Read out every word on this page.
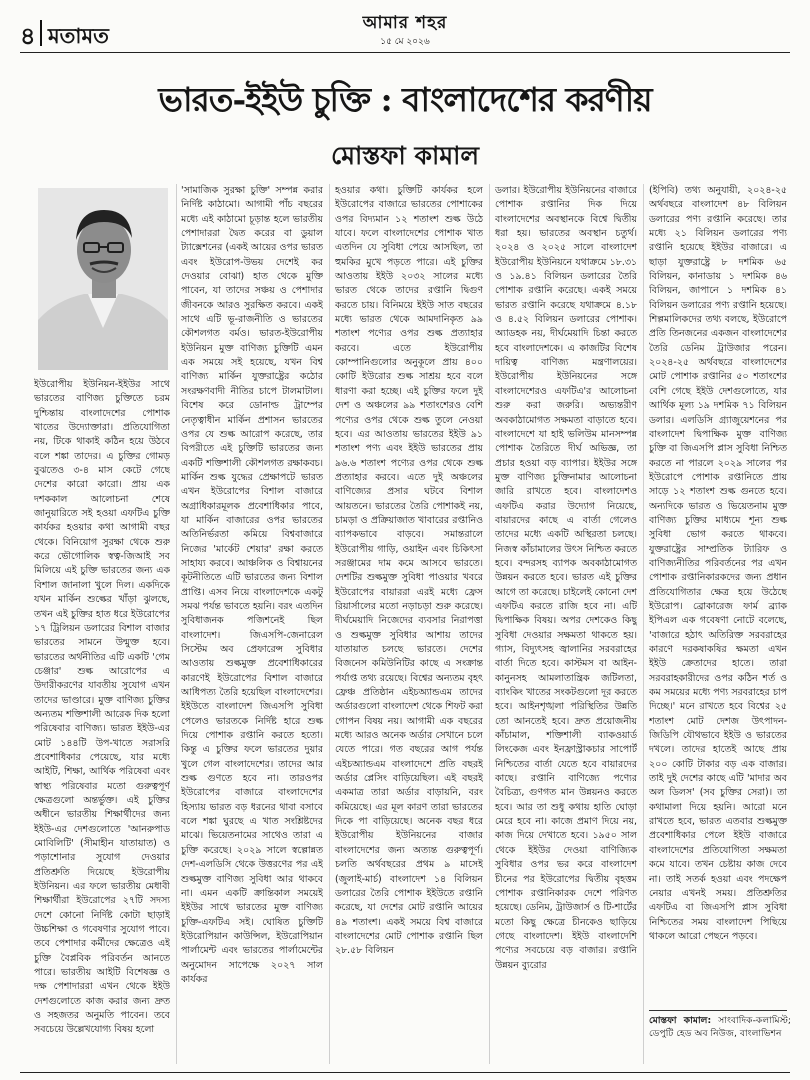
৪ মতামত	আমার শহর
১৫ মে ২০২৬
ভারত-ইইউ চুক্তি : বাংলাদেশের করণীয়
মোস্তফা কামাল
ইউরোপীয় ইউনিয়ন-ইইউর সাথে ভারতের বাণিজ্য চুক্তিতে চরম দুশ্চিন্তায় বাংলাদেশের পোশাক খাতের উদ্যোক্তারা। প্রতিযোগিতা নয়, টিকে থাকাই কঠিন হয়ে উঠবে বলে শঙ্কা তাদের। এ চুক্তির গোমড় বুঝতেও ৩-৪ মাস কেটে গেছে দেশের কারো কারো। প্রায় এক দশককাল আলোচনা শেষে জানুয়ারিতে সই হওয়া এফটিএ চুক্তি কার্যকর হওয়ার কথা আগামী বছর থেকে। বিনিয়োগ সুরক্ষা থেকে শুরু করে ভৌগোলিক স্বত্ব-জিআই সব মিলিয়ে এই চুক্তি ভারতের জন্য এক বিশাল জানালা খুলে দিল। একদিকে যখন মার্কিন শুল্কের খাঁড়া ঝুলছে, তখন এই চুক্তির হাত ধরে ইউরোপের ১৭ ট্রিলিয়ন ডলারের বিশাল বাজার ভারতের সামনে উন্মুক্ত হবে। ভারতের অর্থনীতির এটি একটি 'গেম চেঞ্জার' শুল্ক আরোপের এ উদারীকরণের যাবতীয় সুযোগ এখন তাদের ভাণ্ডারে। মুক্ত বাণিজ্য চুক্তির অন্যতম শক্তিশালী আরেক দিক হলো পরিষেবার বাণিজ্য। ভারত ইইউ-এর মোট ১৪৪টি উপ-খাতে সরাসরি প্রবেশাধিকার পেয়েছে, যার মধ্যে আইটি, শিক্ষা, আর্থিক পরিষেবা এবং স্বাস্থ্য পরিষেবার মতো গুরুত্বপূর্ণ ক্ষেত্রগুলো অন্তর্ভুক্ত। এই চুক্তির অধীনে ভারতীয় শিক্ষার্থীদের জন্য ইইউ-এর দেশগুলোতে 'আনরুপাড মোবিলিটি' (সীমাহীন যাতায়াত) ও পড়াশোনার সুযোগ দেওয়ার প্রতিশ্রুতি দিয়েছে ইউরোপীয় ইউনিয়ন। এর ফলে ভারতীয় মেধাবী শিক্ষার্থীরা ইউরোপের ২৭টি সদস্য দেশে কোনো নির্দিষ্ট কোটা ছাড়াই উচ্চশিক্ষা ও গবেষণার সুযোগ পাবে। তবে পেশাদার কর্মীদের ক্ষেত্রেও এই চুক্তি বৈপ্লবিক পরিবর্তন আনতে পারে। ভারতীয় আইটি বিশেষজ্ঞ ও দক্ষ পেশাদাররা এখন থেকে ইইউ দেশগুলোতে কাজ করার জন্য দ্রুত ও সহজতর অনুমতি পাবেন। তবে সবচেয়ে উল্লেখযোগ্য বিষয় হলো
'সামাজিক সুরক্ষা চুক্তি' সম্পন্ন করার নির্দিষ্ট কাঠামো। আগামী পাঁচ বছরের মধ্যে এই কাঠামো চূড়ান্ত হলে ভারতীয় পেশাদাররা দ্বৈত করের বা ডুয়াল ট্যাক্সেশনের (একই আয়ের ওপর ভারত এবং ইউরোপ-উভয় দেশেই কর দেওয়ার বোঝা) হাত থেকে মুক্তি পাবেন, যা তাদের সঞ্চয় ও পেশাদার জীবনকে আরও সুরক্ষিত করবে। একই সাথে এটি ভূ-রাজনীতি ও ভারতের কৌশলগত বর্মও। ভারত-ইউরোপীয় ইউনিয়ন মুক্ত বাণিজ্য চুক্তিটি এমন এক সময়ে সই হয়েছে, যখন বিশ্ব বাণিজ্য মার্কিন যুক্তরাষ্ট্রের কঠোর সংরক্ষণবাদী নীতির চাপে টালমাটাল। বিশেষ করে ডোনাল্ড ট্রাম্পের নেতৃত্বাধীন মার্কিন প্রশাসন ভারতের ওপর যে শুল্ক আরোপ করেছে, তার বিপরীতে এই চুক্তিটি ভারতের জন্য একটি শক্তিশালী কৌশলগত রক্ষাকবচ। মার্কিন শুল্ক যুদ্ধের প্রেক্ষাপটে ভারত এখন ইউরোপের বিশাল বাজারে অগ্রাধিকারমূলক প্রবেশাধিকার পাবে, যা মার্কিন বাজারের ওপর ভারতের অতিনির্ভরতা কমিয়ে বিশ্ববাজারে নিজের 'মার্কেট শেয়ার' রক্ষা করতে সাহায্য করবে। আঞ্চলিক ও বিশ্বায়নের কূটনীতিতে এটি ভারতের জন্য বিশাল প্রাপ্তি। এসব নিয়ে বাংলাদেশকে একটু সমঝ পর্যন্ত ভাবতে হয়নি। বরং এতদিন সুবিধাজনক পজিশনেই ছিল বাংলাদেশ। জিএসপি-জেনারেল সিস্টেম অব প্রেফারেন্স সুবিধার আওতায় শুল্কমুক্ত প্রবেশাধিকারের কারণেই ইউরোপের বিশাল বাজারে আধিপত্য তৈরি হয়েছিল বাংলাদেশের। ইইউতে বাংলাদেশ জিএসপি সুবিধা পেলেও ভারতকে নির্দিষ্ট হারে শুল্ক দিয়ে পোশাক রপ্তানি করতে হতো। কিন্তু এ চুক্তির ফলে ভারতের দুয়ার খুলে গেল বাংলাদেশের। তাদের আর শুল্ক গুণতে হবে না। তারওপর ইউরোপের বাজারে বাংলাদেশের হিস্যায় ভারত বড় ধরনের থাবা বসাবে বলে শঙ্কা ঘুরছে এ খাত সংশ্লিষ্টদের মাঝে। ভিয়েতনামের সাথেও তারা এ চুক্তি করেছে। ২০২৯ সালে স্বল্পোন্নত দেশ-এলডিসি থেকে উত্তরণের পর এই শুল্কমুক্ত বাণিজ্য সুবিধা আর থাকবে না। এমন একটি ক্রান্তিকাল সময়েই ইইউর সাথে ভারতের মুক্ত বাণিজ্য চুক্তি-এফটিএ সই। ঘোষিত চুক্তিটি ইউরোপিয়ান কাউন্সিল, ইউরোপিয়ান পার্লামেন্ট এবং ভারতের পার্লামেন্টের অনুমোদন সাপেক্ষে ২০২৭ সাল কার্যকর
হওয়ার কথা। চুক্তিটি কার্যকর হলে ইউরোপের বাজারে ভারতের পোশাকের ওপর বিদ্যমান ১২ শতাংশ শুল্ক উঠে যাবে। ফলে বাংলাদেশের পোশাক খাত এতদিন যে সুবিধা পেয়ে আসছিল, তা হুমকির মুখে পড়তে পারে। এই চুক্তির আওতায় ইইউ ২০৩২ সালের মধ্যে ভারত থেকে তাদের রপ্তানি দ্বিগুণ করতে চায়। বিনিময়ে ইইউ সাত বছরের মধ্যে ভারত থেকে আমদানিকৃত ৯৯ শতাংশ পণ্যের ওপর শুল্ক প্রত্যাহার করবে। এতে ইউরোপীয় কোম্পানিগুলোর অনুকূলে প্রায় ৪০০ কোটি ইউরোর শুল্ক সাশ্রয় হবে বলে ধারণা করা হচ্ছে। এই চুক্তির ফলে দুই দেশ ও অঞ্চলের ৯৯ শতাংশেরও বেশি পণ্যের ওপর থেকে শুল্ক তুলে নেওয়া হবে। এর আওতায় ভারতের ইইউ ৯১ শতাংশ পণ্য এবং ইইউ ভারতের প্রায় ৯৬.৬ শতাংশ পণ্যের ওপর থেকে শুল্ক প্রত্যাহার করবে। এতে দুই অঞ্চলের বাণিজ্যের প্রসার ঘটবে বিশাল আয়তনে। ভারতের তৈরি পোশাকই নয়, চামড়া ও প্রক্রিয়াজাত খাবারের রপ্তানিও ব্যাপকভাবে বাড়বে। সমান্তরালে ইউরোপীয় গাড়ি, ওয়াইন এবং চিকিৎসা সরঞ্জামের দাম কমে আসবে ভারতে। দেশটির শুল্কমুক্ত সুবিধা পাওয়ার খবরে ইউরোপের বায়াররা এরই মধ্যে ফ্রেস রিয়ার্সালের মতো নড়াচড়া শুরু করেছে। দীর্ঘমেয়াদি নিজেদের ব্যবসার নিরাপত্তা ও শুল্কমুক্ত সুবিধার আশায় তাদের যাতায়াত চলছে ভারতে। দেশের বিজনেস কমিউনিটির কাছে এ সংক্রান্ত পর্যাপ্ত তথ্য রয়েছে। বিশ্বের অন্যতম বৃহৎ ফ্রেঞ্চ প্রতিষ্ঠান এইচঅ্যান্ডএম তাদের অর্ডারগুলো বাংলাদেশ থেকে শিফট করা গোপন বিষয় নয়। আগামী এক বছরের মধ্যে আরও অনেক অর্ডার সেখানে চলে যেতে পারে। গত বছরের আগ পর্যন্ত এইচঅ্যান্ডএম বাংলাদেশে প্রতি বছরই অর্ডার প্লেসিং বাড়িয়েছিল। এই বছরই একমাত্র তারা অর্ডার বাড়ায়নি, বরং কমিয়েছে। এর মূল কারণ তারা ভারতের দিকে পা বাড়িয়েছে। অনেক বছর ধরে ইউরোপীয় ইউনিয়নের বাজার বাংলাদেশের জন্য অত্যন্ত গুরুত্বপূর্ণ। চলতি অর্থবছরের প্রথম ৯ মাসেই (জুলাই-মার্চ) বাংলাদেশ ১৪ বিলিয়ন ডলারের তৈরি পোশাক ইইউতে রপ্তানি করেছে, যা দেশের মোট রপ্তানি আয়ের ৪৯ শতাংশ। একই সময়ে বিশ্ব বাজারে বাংলাদেশের মোট পোশাক রপ্তানি ছিল ২৮.৫৮ বিলিয়ন
ডলার। ইউরোপীয় ইউনিয়নের বাজারে পোশাক রপ্তানির দিক দিয়ে বাংলাদেশের অবস্থানকে বিশ্বে দ্বিতীয় ধরা হয়। ভারতের অবস্থান চতুর্থ। ২০২৪ ও ২০২৫ সালে বাংলাদেশ ইউরোপীয় ইউনিয়নে যথাক্রমে ১৮.৩১ ও ১৯.৪১ বিলিয়ন ডলারের তৈরি পোশাক রপ্তানি করেছে। একই সময়ে ভারত রপ্তানি করেছে যথাক্রমে ৪.১৮ ও ৪.৫২ বিলিয়ন ডলারের পোশাক। অ্যাডহক নয়, দীর্ঘমেয়াদি চিন্তা করতে হবে বাংলাদেশকে। এ কাজটির বিশেষ দায়িত্ব বাণিজ্য মন্ত্রণালয়ের। ইউরোপীয় ইউনিয়নের সঙ্গে বাংলাদেশেরও এফটিএ'র আলোচনা শুরু করা জরুরি। অভ্যন্তরীণ অবকাঠামোগত সক্ষমতা বাড়াতে হবে। বাংলাদেশে যা হাই ভলিউম মানসম্পন্ন পোশাক তৈরিতে দীর্ঘ অভিজ্ঞ, তা প্রচার হওয়া বড় ব্যাপার। ইইউর সঙ্গে মুক্ত বাণিজ্য চুক্তিনামার আলোচনা জারি রাখতে হবে। বাংলাদেশও এফটিএ করার উদ্যোগ নিয়েছে, বায়ারদের কাছে এ বার্তা গেলেও তাদের মধ্যে একটি অস্থিরতা চলছে। নিজস্ব কাঁচামালের উৎস নিশ্চিত করতে হবে। বন্দরসহ ব্যাপক অবকাঠামোগত উন্নয়ন করতে হবে। ভারত এই চুক্তির আগে তা করেছে। চাইলেই কোনো দেশ এফটিএ করতে রাজি হবে না। এটি দ্বিপাক্ষিক বিষয়। অপর দেশকেও কিছু সুবিধা দেওয়ার সক্ষমতা থাকতে হয়। গ্যাস, বিদ্যুৎসহ জ্বালানির সরবরাহের বার্তা দিতে হবে। কাস্টমস বা আইন-কানুনসহ আমলাতান্ত্রিক জটিলতা, ব্যাংকিং খাতের সংকটগুলো দূর করতে হবে। আইনশৃঙ্খলা পরিস্থিতির উন্নতি তো আনতেই হবে। দ্রুত প্রয়োজনীয় কাঁচামাল, শক্তিশালী ব্যাকওয়ার্ড লিংকেজ এবং ইনফ্রাস্ট্রাকচার সাপোর্ট নিশ্চিতের বার্তা যেতে হবে বায়ারদের কাছে। রপ্তানি বাণিজ্যে পণ্যের বৈচিত্র্য, গুণগত মান উন্নয়নও করতে হবে। আর তা শুধু কথায় হাতি ঘোড়া মেরে হবে না। কাজে প্রমাণ দিয়ে নয়, কাজ দিয়ে দেখাতে হবে। ১৯৫০ সাল থেকে ইইউর দেওয়া বাণিজ্যিক সুবিধার ওপর ভর করে বাংলাদেশ চীনের পর ইউরোপের দ্বিতীয় বৃহত্তম পোশাক রপ্তানিকারক দেশে পরিণত হয়েছে। ডেনিম, ট্রাউজার্স ও টি-শার্টের মতো কিছু ক্ষেত্রে চীনকেও ছাড়িয়ে গেছে বাংলাদেশ। ইইউ বাংলাদেশি পণ্যের সবচেয়ে বড় বাজার। রপ্তানি উন্নয়ন ব্যুরোর
(ইপিবি) তথ্য অনুযায়ী, ২০২৪-২৫ অর্থবছরে বাংলাদেশ ৪৮ বিলিয়ন ডলারের পণ্য রপ্তানি করেছে। তার মধ্যে ২১ বিলিয়ন ডলারের পণ্য রপ্তানি হয়েছে ইইউর বাজারে। এ ছাড়া যুক্তরাষ্ট্রে ৮ দশমিক ৬৫ বিলিয়ন, কানাডায় ১ দশমিক ৪৬ বিলিয়ন, জাপানে ১ দশমিক ৪১ বিলিয়ন ডলারের পণ্য রপ্তানি হয়েছে। শিল্পমালিকদের তথ্য বলছে, ইউরোপে প্রতি তিনজনের একজন বাংলাদেশের তৈরি ডেনিম ট্রাউজার পরেন। ২০২৪-২৫ অর্থবছরে বাংলাদেশের মোট পোশাক রপ্তানির ৫০ শতাংশের বেশি গেছে ইইউ দেশগুলোতে, যার আর্থিক মূল্য ১৯ দশমিক ৭১ বিলিয়ন ডলার। এলডিসি গ্র্যাজুয়েশনের পর বাংলাদেশ দ্বিপাক্ষিক মুক্ত বাণিজ্য চুক্তি বা জিএসপি প্লাস সুবিধা নিশ্চিত করতে না পারলে ২০২৯ সালের পর ইউরোপে পোশাক রপ্তানিতে প্রায় সাড়ে ১২ শতাংশ শুল্ক গুনতে হবে। অন্যদিকে ভারত ও ভিয়েতনাম মুক্ত বাণিজ্য চুক্তির মাধ্যমে শূন্য শুল্ক সুবিধা ভোগ করতে থাকবে। যুক্তরাষ্ট্রের সাম্প্রতিক ট্যারিফ ও বাণিজ্যনীতির পরিবর্তনের পর এখন পোশাক রপ্তানিকারকদের জন্য প্রধান প্রতিযোগিতার ক্ষেত্র হয়ে উঠেছে ইউরোপ। ব্রোকারেজ ফার্ম ব্র্যাক ইপিএল এক গবেষণা নোটে বলেছে, 'বাজারে হঠাৎ অতিরিক্ত সরবরাহের কারণে দরকষাকষির ক্ষমতা এখন ইইউ ক্রেতাদের হাতে। তারা সরবরাহকারীদের ওপর কঠিন শর্ত ও কম সময়ের মধ্যে পণ্য সরবরাহের চাপ দিচ্ছে।' মনে রাখতে হবে বিশ্বের ২৫ শতাংশ মোট দেশজ উৎপাদন-জিডিপি যৌথভাবে ইইউ ও ভারতের দখলে। তাদের হাতেই আছে প্রায় ২০০ কোটি টাকার বড় এক বাজার। তাই দুই দেশের কাছে এটি 'মাদার অব অল ডিলস' (সব চুক্তির সেরা)। তা কথামালা দিয়ে হয়নি। আরো মনে রাখতে হবে, ভারত এতবার শুল্কমুক্ত প্রবেশাধিকার পেলে ইইউ বাজারে বাংলাদেশের প্রতিযোগিতা সক্ষমতা কমে যাবে। তখন চেষ্টায় কাজ দেবে না। তাই সতর্ক হওয়া এবং পদক্ষেপ নেয়ার এখনই সময়। প্রতিশ্রুতির এফটিএ বা জিএসপি প্লাস সুবিধা নিশ্চিতের সময় বাংলাদেশ পিছিয়ে থাকলে আরো পেছনে পড়বে।
মোস্তফা কামাল: সাংবাদিক-কলামিস্ট; ডেপুটি হেড অব নিউজ, বাংলাভিশন
